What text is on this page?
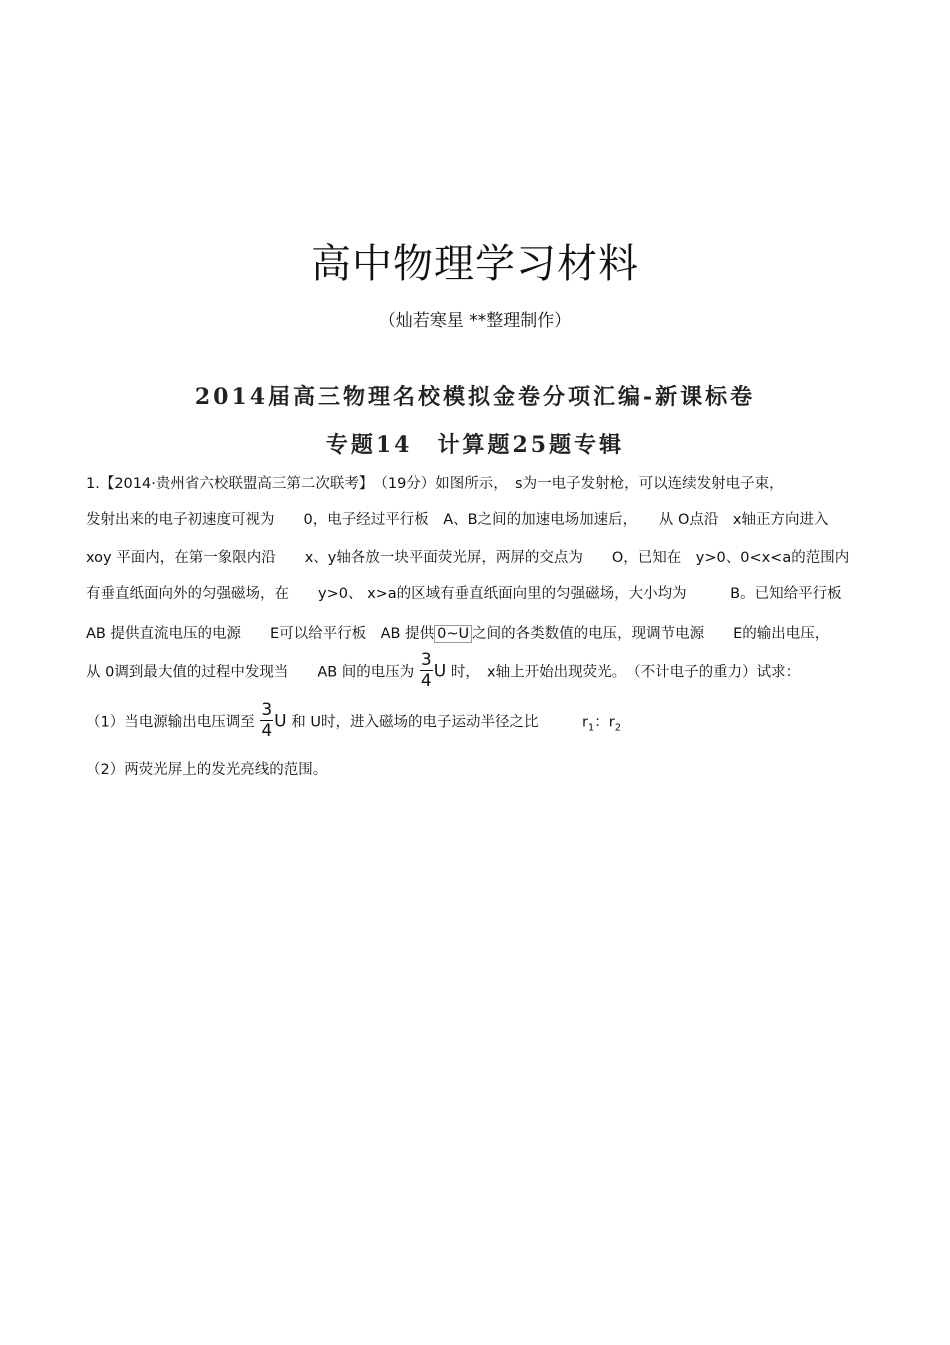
高中物理学习材料
（灿若寒星 **整理制作）
2014届高三物理名校模拟金卷分项汇编-新课标卷
专题14　计算题25题专辑
1.【2014·贵州省六校联盟高三第二次联考】　（19分）如图所示，　s为一电子发射枪，可以连续发射电子束，
发射出来的电子初速度可视为　　0，电子经过平行板　A、B之间的加速电场加速后，　　从 O点沿　x轴正方向进入
xoy 平面内，在第一象限内沿　　x、y轴各放一块平面荧光屏，两屏的交点为　　O，已知在　y>0、0<x<a的范围内
有垂直纸面向外的匀强磁场，在　　y>0、 x>a的区域有垂直纸面向里的匀强磁场，大小均为　　　B。已知给平行板
AB 提供直流电压的电源　　E可以给平行板　AB 提供 0~U 之间的各类数值的电压，现调节电源　　E的输出电压，
从 0调到最大值的过程中发现当　　AB 间的电压为 $\frac{3}{4}$ U 时，　x轴上开始出现荧光。　（不计电子的重力）试求：
（1）当电源输出电压调至 $\frac{3}{4}$ U 和 U时，进入磁场的电子运动半径之比　　　$r_1$：$r_2$
（2）两荧光屏上的发光亮线的范围。
